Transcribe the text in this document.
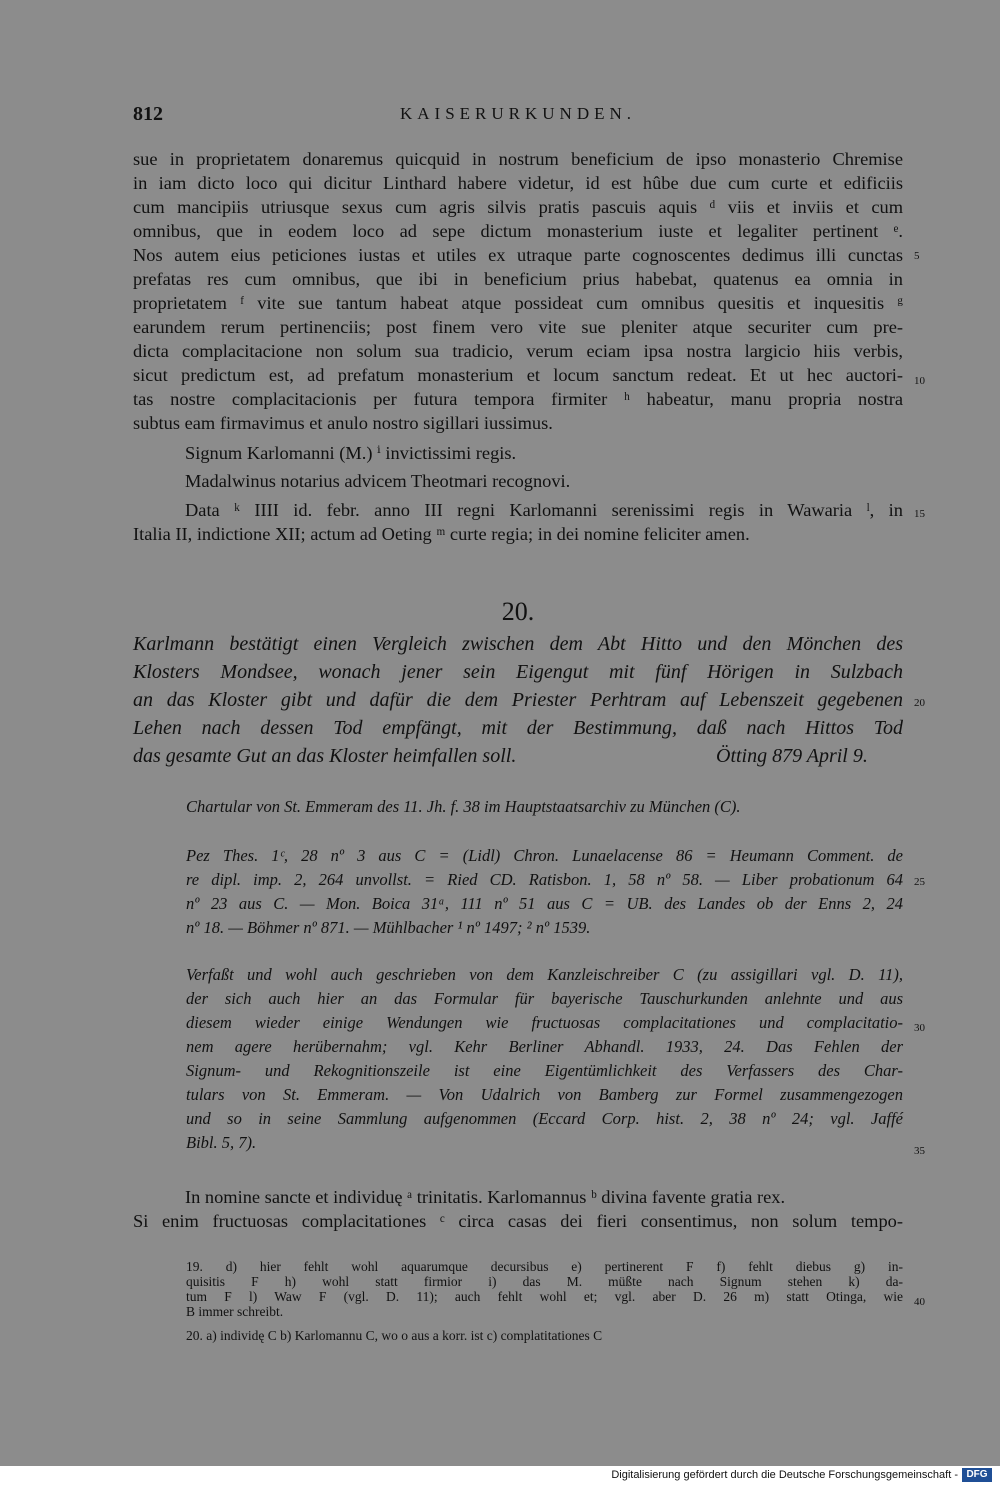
812	KAISERURKUNDEN.
sue in proprietatem donaremus quicquid in nostrum beneficium de ipso monasterio Chremise
in iam dicto loco qui dicitur Linthard habere videtur, id est hûbe due cum curte et edificiis
cum mancipiis utriusque sexus cum agris silvis pratis pascuis aquis ᵈ viis et inviis et cum
omnibus, que in eodem loco ad sepe dictum monasterium iuste et legaliter pertinent ᵉ.
Nos autem eius peticiones iustas et utiles ex utraque parte cognoscentes dedimus illi cunctas
prefatas res cum omnibus, que ibi in beneficium prius habebat, quatenus ea omnia in
proprietatem ᶠ vite sue tantum habeat atque possideat cum omnibus quesitis et inquesitis ᵍ
earundem rerum pertinenciis; post finem vero vite sue pleniter atque securiter cum pre-
dicta complacitacione non solum sua tradicio, verum eciam ipsa nostra largicio hiis verbis,
sicut predictum est, ad prefatum monasterium et locum sanctum redeat. Et ut hec auctori-
tas nostre complacitacionis per futura tempora firmiter ʰ habeatur, manu propria nostra
subtus eam firmavimus et anulo nostro sigillari iussimus.
Signum Karlomanni (M.) ⁱ invictissimi regis.
Madalwinus notarius advicem Theotmari recognovi.
Data ᵏ IIII id. febr. anno III regni Karlomanni serenissimi regis in Wawaria ˡ, in
Italia II, indictione XII; actum ad Oeting ᵐ curte regia; in dei nomine feliciter amen.
20.
Karlmann bestätigt einen Vergleich zwischen dem Abt Hitto und den Mönchen des
Klosters Mondsee, wonach jener sein Eigengut mit fünf Hörigen in Sulzbach
an das Kloster gibt und dafür die dem Priester Perhtram auf Lebenszeit gegebenen
Lehen nach dessen Tod empfängt, mit der Bestimmung, daß nach Hittos Tod
das gesamte Gut an das Kloster heimfallen soll.	Ötting 879 April 9.
Chartular von St. Emmeram des 11. Jh. f. 38 im Hauptstaatsarchiv zu München (C).
Pez Thes. 1ᶜ, 28 nº 3 aus C = (Lidl) Chron. Lunaelacense 86 = Heumann Comment. de
re dipl. imp. 2, 264 unvollst. = Ried CD. Ratisbon. 1, 58 nº 58. — Liber probationum 64
nº 23 aus C. — Mon. Boica 31ᵃ, 111 nº 51 aus C = UB. des Landes ob der Enns 2, 24
nº 18. — Böhmer nº 871. — Mühlbacher ¹ nº 1497; ² nº 1539.
Verfaßt und wohl auch geschrieben von dem Kanzleischreiber C (zu assigillari vgl. D. 11),
der sich auch hier an das Formular für bayerische Tauschurkunden anlehnte und aus
diesem wieder einige Wendungen wie fructuosas complacitationes und complacitatio-
nem agere herübernahm; vgl. Kehr Berliner Abhandl. 1933, 24. Das Fehlen der
Signum- und Rekognitionszeile ist eine Eigentümlichkeit des Verfassers des Char-
tulars von St. Emmeram. — Von Udalrich von Bamberg zur Formel zusammengezogen
und so in seine Sammlung aufgenommen (Eccard Corp. hist. 2, 38 nº 24; vgl. Jaffé
Bibl. 5, 7).
In nomine sancte et individuę ᵃ trinitatis. Karlomannus ᵇ divina favente gratia rex.
Si enim fructuosas complacitationes ᶜ circa casas dei fieri consentimus, non solum tempo-
19. d) hier fehlt wohl aquarumque decursibus e) pertinerent F f) fehlt diebus g) in-
quisitis F h) wohl statt firmior i) das M. müßte nach Signum stehen k) da-
tum F l) Waw F (vgl. D. 11); auch fehlt wohl et; vgl. aber D. 26 m) statt Otinga, wie
B immer schreibt.
20. a) individę C b) Karlomannu C, wo o aus a korr. ist c) complatitationes C
5
10
15
20
25
30
35
40
Digitalisierung gefördert durch die Deutsche Forschungsgemeinschaft - DFG
